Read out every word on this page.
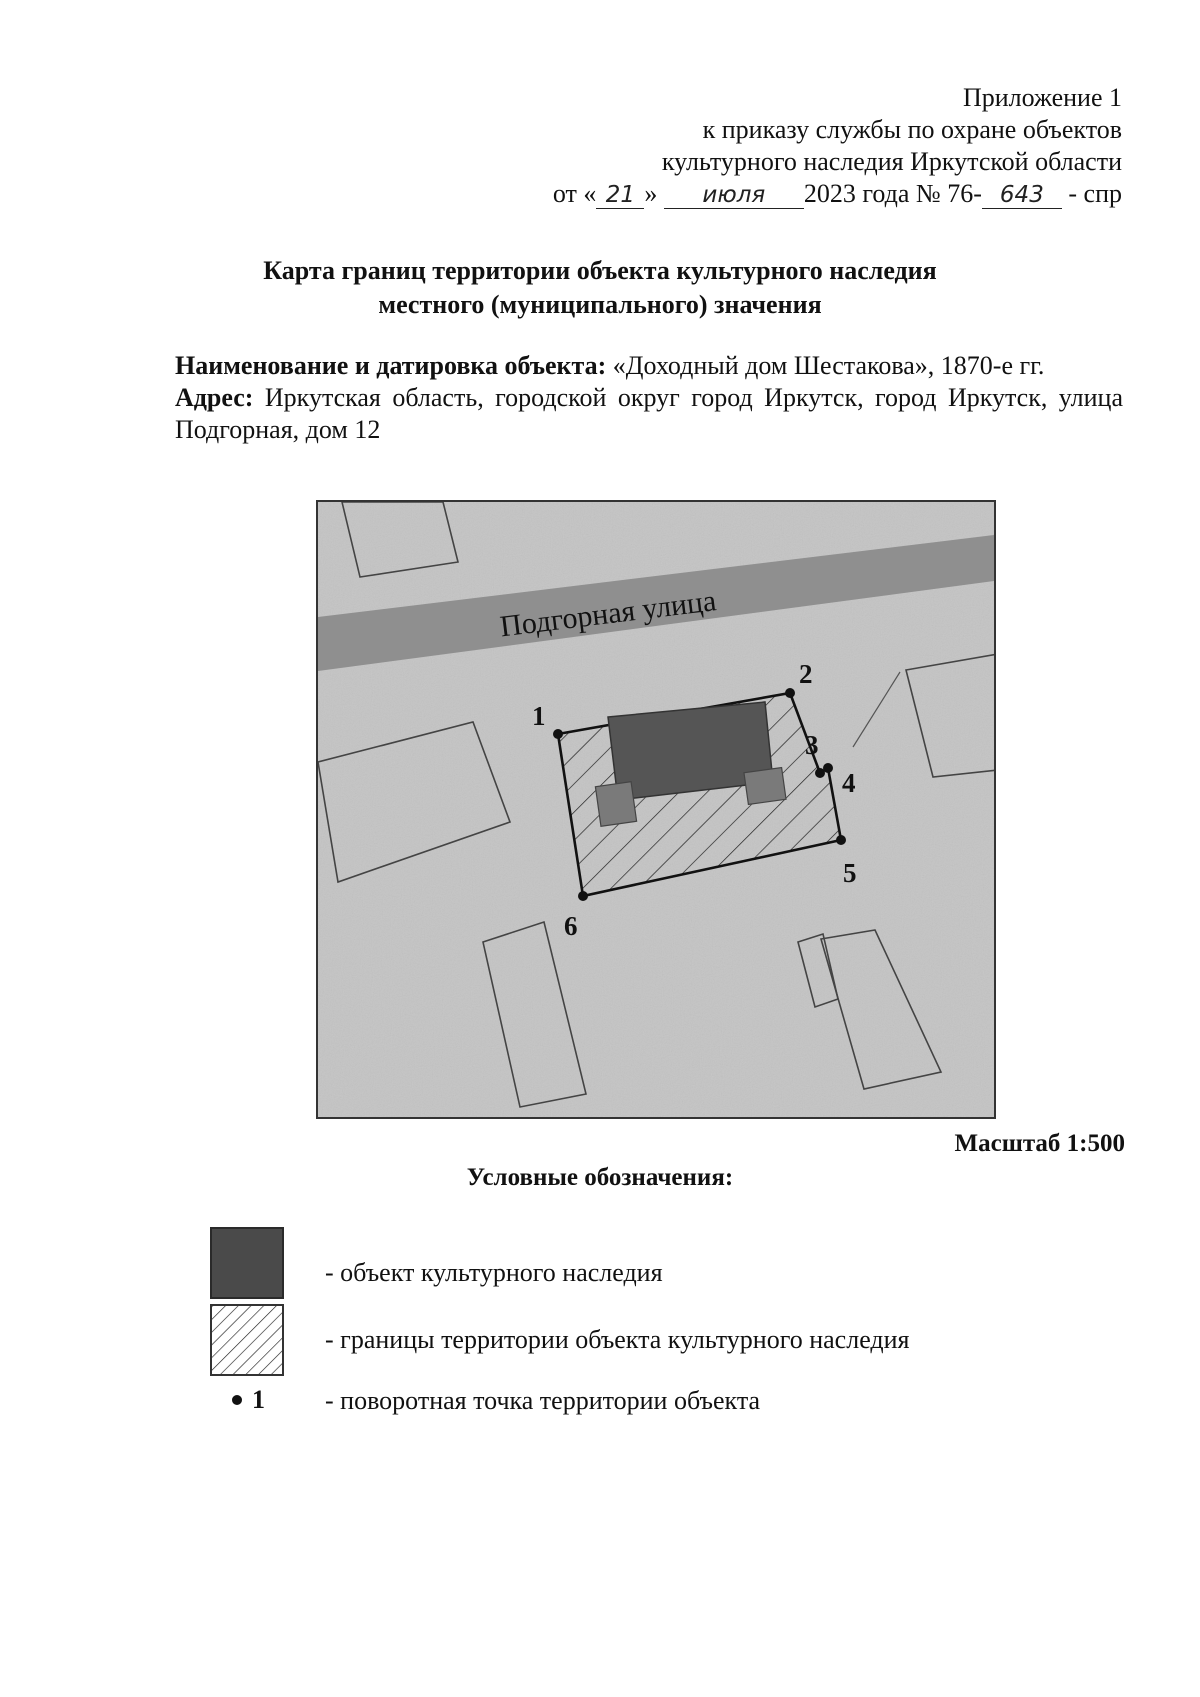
Приложение 1
к приказу службы по охране объектов
культурного наследия Иркутской области
от « 21 » июля 2023 года № 76- 643 - спр
Карта границ территории объекта культурного наследия
местного (муниципального) значения

Наименование и датировка объекта: «Доходный дом Шестакова», 1870-е гг.

Адрес: Иркутская область, городской округ город Иркутск, город Иркутск, улица Подгорная, дом 12

Подгорная улица
1
2
3
4
5
6
Масштаб 1:500
Условные обозначения:
- объект культурного наследия
- границы территории объекта культурного наследия
1 - поворотная точка территории объекта
